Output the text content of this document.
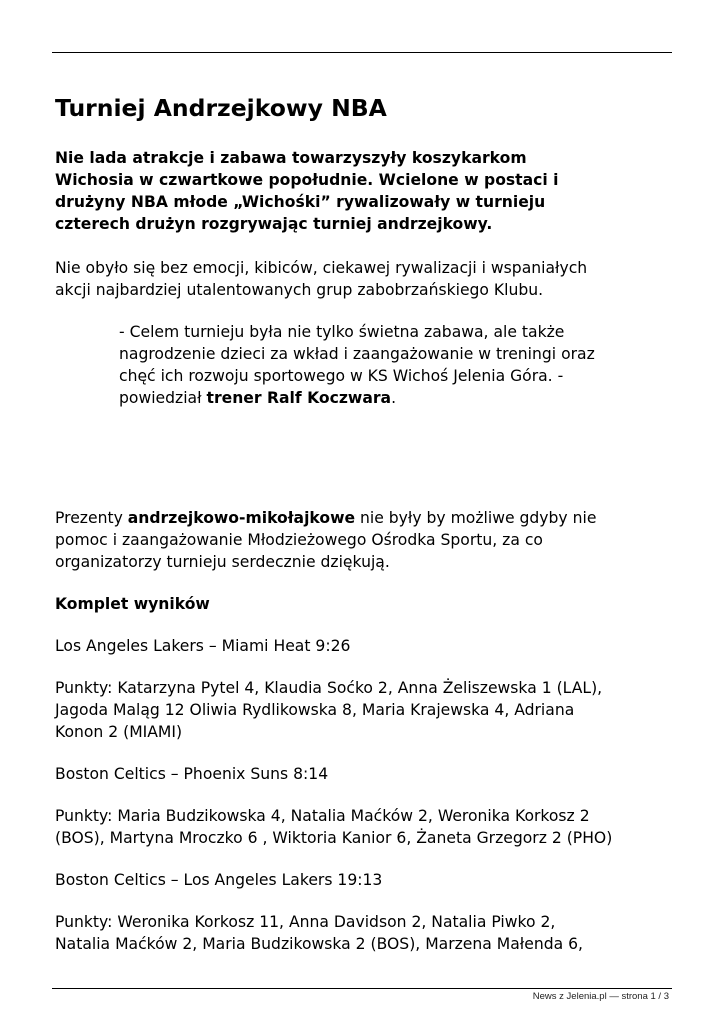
Turniej Andrzejkowy NBA

Nie lada atrakcje i zabawa towarzyszyły koszykarkom
Wichosia w czwartkowe popołudnie. Wcielone w postaci i
drużyny NBA młode „Wichośki” rywalizowały w turnieju
czterech drużyn rozgrywając turniej andrzejkowy.

Nie obyło się bez emocji, kibiców, ciekawej rywalizacji i wspaniałych
akcji najbardziej utalentowanych grup zabobrzańskiego Klubu.

- Celem turnieju była nie tylko świetna zabawa, ale także
nagrodzenie dzieci za wkład i zaangażowanie w treningi oraz
chęć ich rozwoju sportowego w KS Wichoś Jelenia Góra. -
powiedział trener Ralf Koczwara.

Prezenty andrzejkowo-mikołajkowe nie były by możliwe gdyby nie
pomoc i zaangażowanie Młodzieżowego Ośrodka Sportu, za co
organizatorzy turnieju serdecznie dziękują.

Komplet wyników

Los Angeles Lakers – Miami Heat 9:26

Punkty: Katarzyna Pytel 4, Klaudia Soćko 2, Anna Żeliszewska 1 (LAL),
Jagoda Maląg 12 Oliwia Rydlikowska 8, Maria Krajewska 4, Adriana
Konon 2 (MIAMI)

Boston Celtics – Phoenix Suns 8:14

Punkty: Maria Budzikowska 4, Natalia Maćków 2, Weronika Korkosz 2
(BOS), Martyna Mroczko 6 , Wiktoria Kanior 6, Żaneta Grzegorz 2 (PHO)

Boston Celtics – Los Angeles Lakers 19:13

Punkty: Weronika Korkosz 11, Anna Davidson 2, Natalia Piwko 2,
Natalia Maćków 2, Maria Budzikowska 2 (BOS), Marzena Małenda 6,

News z Jelenia.pl — strona 1 / 3
